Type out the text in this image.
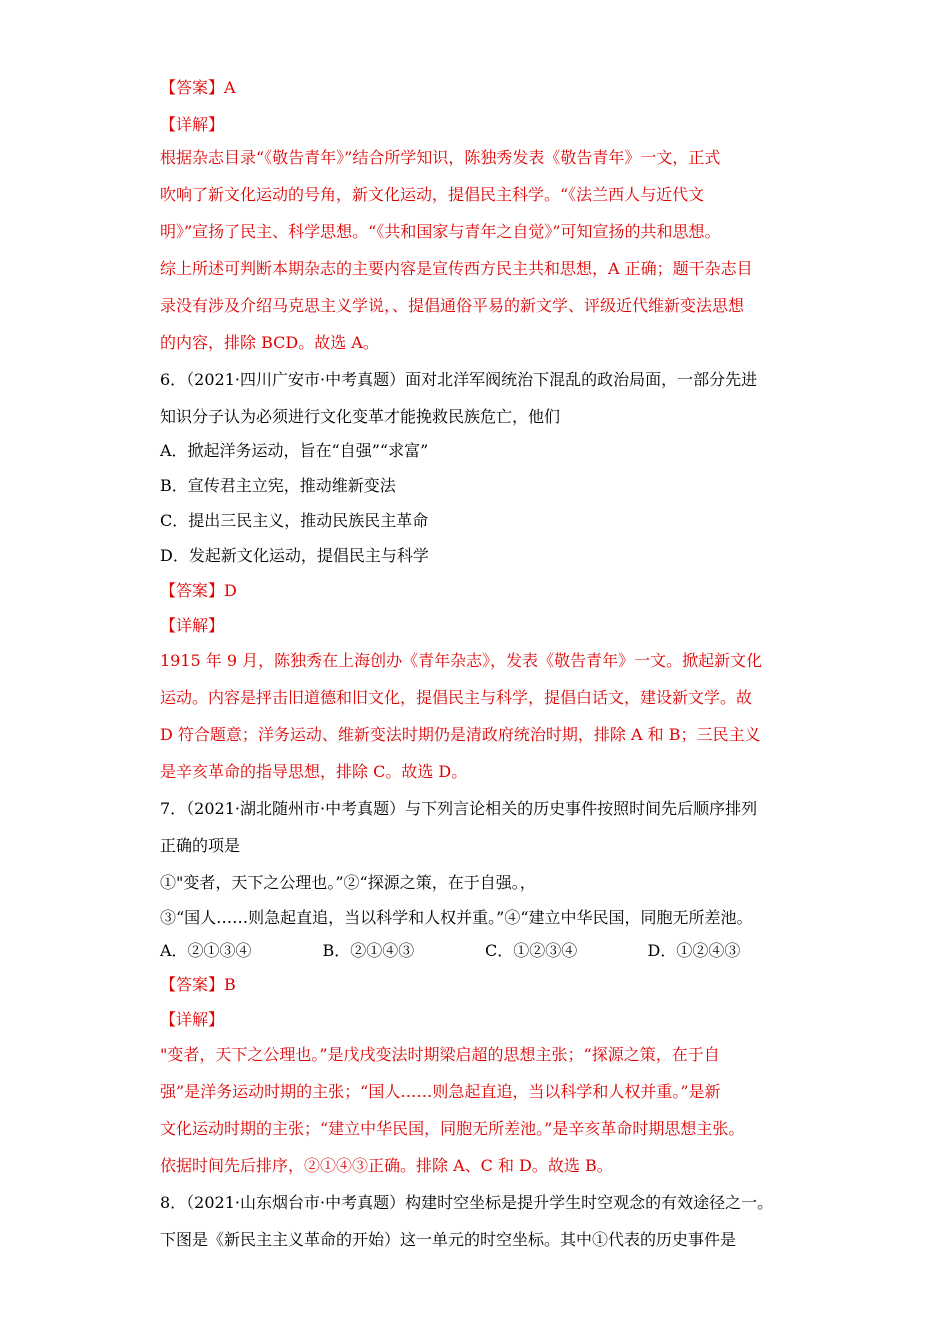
【答案】A
【详解】
根据杂志目录“《敬告青年》”结合所学知识，陈独秀发表《敬告青年》一文，正式
吹响了新文化运动的号角，新文化运动，提倡民主科学。“《法兰西人与近代文
明》”宣扬了民主、科学思想。“《共和国家与青年之自觉》”可知宣扬的共和思想。
综上所述可判断本期杂志的主要内容是宣传西方民主共和思想，A 正确；题干杂志目
录没有涉及介绍马克思主义学说，、提倡通俗平易的新文学、评级近代维新变法思想
的内容，排除 BCD。故选 A。
6．（2021·四川广安市·中考真题）面对北洋军阀统治下混乱的政治局面，一部分先进
知识分子认为必须进行文化变革才能挽救民族危亡，他们
A．掀起洋务运动，旨在“自强”“求富”
B．宣传君主立宪，推动维新变法
C．提出三民主义，推动民族民主革命
D．发起新文化运动，提倡民主与科学
【答案】D
【详解】
1915 年 9 月，陈独秀在上海创办《青年杂志》，发表《敬告青年》一文。掀起新文化
运动。内容是抨击旧道德和旧文化，提倡民主与科学，提倡白话文，建设新文学。故
D 符合题意；洋务运动、维新变法时期仍是清政府统治时期，排除 A 和 B；三民主义
是辛亥革命的指导思想，排除 C。故选 D。
7．（2021·湖北随州市·中考真题）与下列言论相关的历史事件按照时间先后顺序排列
正确的项是
①"变者，天下之公理也。”②“探源之策，在于自强。，
③“国人……则急起直追，当以科学和人权并重。”④“建立中华民国，同胞无所差池。
A．②①③④	B．②①④③	C．①②③④	D．①②④③
【答案】B
【详解】
"变者，天下之公理也。”是戊戌变法时期梁启超的思想主张；“探源之策，在于自
强”是洋务运动时期的主张；“国人……则急起直追，当以科学和人权并重。”是新
文化运动时期的主张；“建立中华民国，同胞无所差池。”是辛亥革命时期思想主张。
依据时间先后排序，②①④③正确。排除 A、C 和 D。故选 B。
8．（2021·山东烟台市·中考真题）构建时空坐标是提升学生时空观念的有效途径之一。
下图是《新民主主义革命的开始）这一单元的时空坐标。其中①代表的历史事件是
